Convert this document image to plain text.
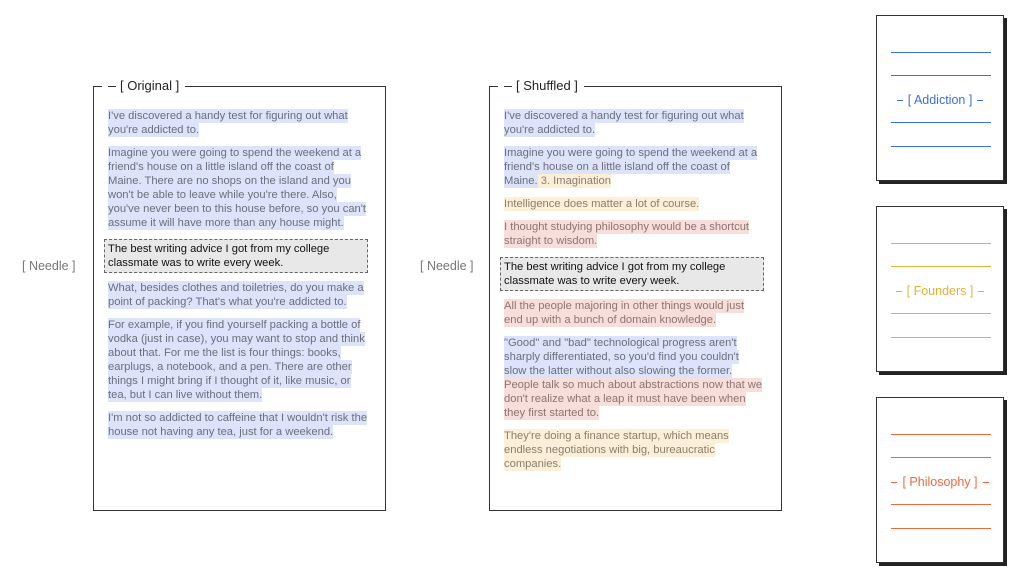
[ Needle ]	[ Needle ]
[ Original ]

I've discovered a handy test for figuring out what you're addicted to.

Imagine you were going to spend the weekend at a friend's house on a little island off the coast of Maine. There are no shops on the island and you won't be able to leave while you're there. Also, you've never been to this house before, so you can't assume it will have more than any house might.

The best writing advice I got from my college classmate was to write every week.

What, besides clothes and toiletries, do you make a point of packing? That's what you're addicted to.

For example, if you find yourself packing a bottle of vodka (just in case), you may want to stop and think about that. For me the list is four things: books, earplugs, a notebook, and a pen. There are other things I might bring if I thought of it, like music, or tea, but I can live without them.

I'm not so addicted to caffeine that I wouldn't risk the house not having any tea, just for a weekend.

[ Shuffled ]

I've discovered a handy test for figuring out what you're addicted to.

Imagine you were going to spend the weekend at a friend's house on a little island off the coast of Maine. 3. Imagination

Intelligence does matter a lot of course.

I thought studying philosophy would be a shortcut straight to wisdom.

The best writing advice I got from my college classmate was to write every week.

All the people majoring in other things would just end up with a bunch of domain knowledge.

"Good" and "bad" technological progress aren't sharply differentiated, so you'd find you couldn't slow the latter without also slowing the former. People talk so much about abstractions now that we don't realize what a leap it must have been when they first started to.

They're doing a finance startup, which means endless negotiations with big, bureaucratic companies.

[ Addiction ]
[ Founders ]
[ Philosophy ]
